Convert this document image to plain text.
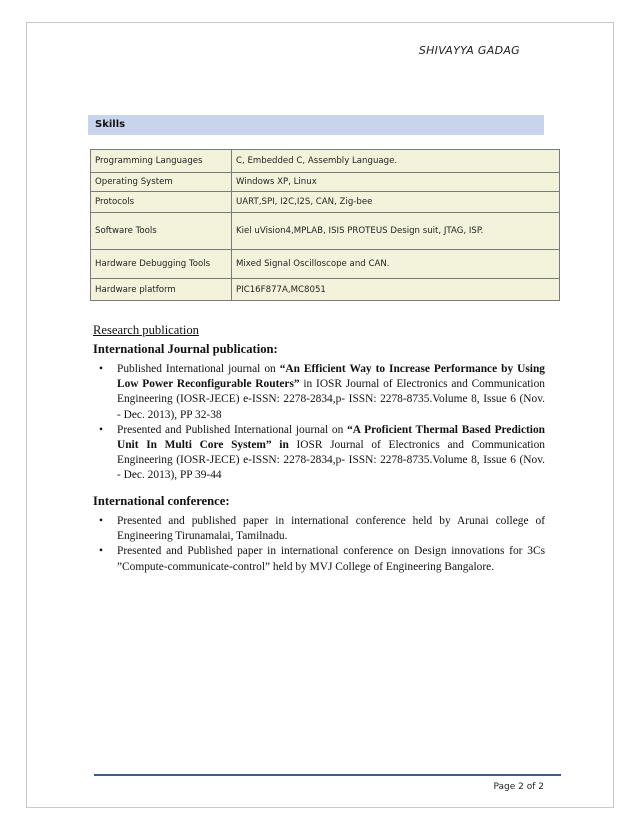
SHIVAYYA GADAG
Skills
Programming Languages	C, Embedded C, Assembly Language.
Operating System	Windows XP, Linux
Protocols	UART,SPI, I2C,I2S, CAN, Zig-bee
Software Tools	Kiel uVision4,MPLAB, ISIS PROTEUS Design suit, JTAG, ISP.
Hardware Debugging Tools	Mixed Signal Oscilloscope and CAN.
Hardware platform	PIC16F877A,MC8051
Research publication
International Journal publication:
• Published International journal on “An Efficient Way to Increase Performance by Using Low Power Reconfigurable Routers” in IOSR Journal of Electronics and Communication Engineering (IOSR-JECE) e-ISSN: 2278-2834,p- ISSN: 2278-8735.Volume 8, Issue 6 (Nov. - Dec. 2013), PP 32-38
• Presented and Published International journal on “A Proficient Thermal Based Prediction Unit In Multi Core System” in IOSR Journal of Electronics and Communication Engineering (IOSR-JECE) e-ISSN: 2278-2834,p- ISSN: 2278-8735.Volume 8, Issue 6 (Nov. - Dec. 2013), PP 39-44
International conference:
• Presented and published paper in international conference held by Arunai college of Engineering Tirunamalai, Tamilnadu.
• Presented and Published paper in international conference on Design innovations for 3Cs ”Compute-communicate-control” held by MVJ College of Engineering Bangalore.
Page 2 of 2
